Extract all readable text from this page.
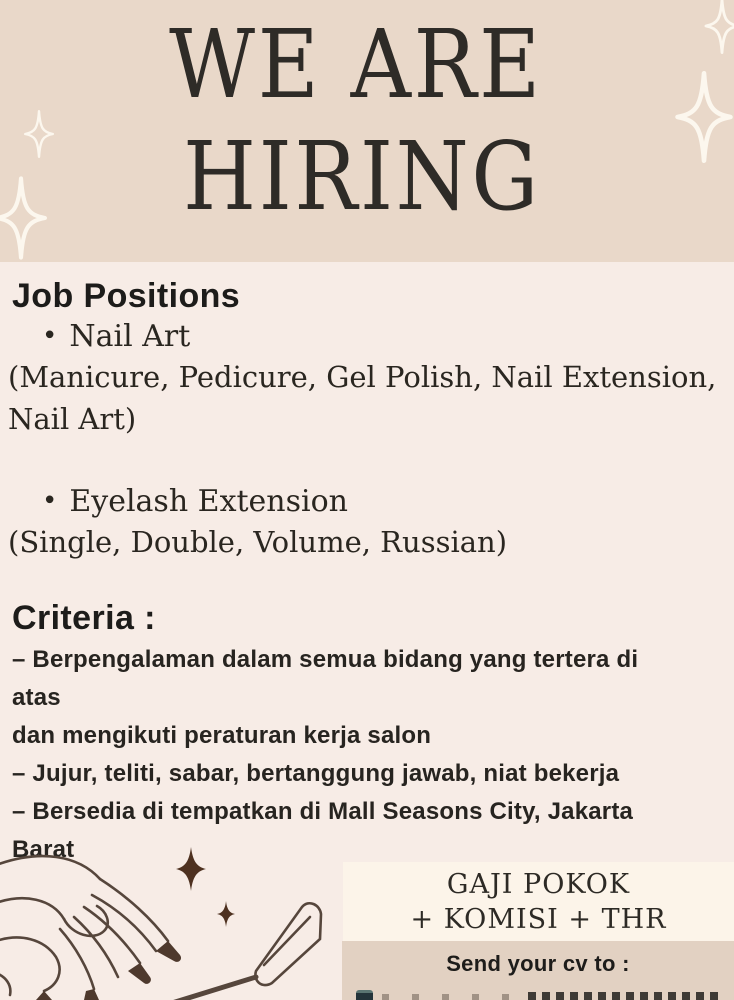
WE ARE
HIRING
Job Positions
• Nail Art
(Manicure, Pedicure, Gel Polish, Nail Extension,
Nail Art)
• Eyelash Extension
(Single, Double, Volume, Russian)
Criteria :
– Berpengalaman dalam semua bidang yang tertera di
atas
dan mengikuti peraturan kerja salon
– Jujur, teliti, sabar, bertanggung jawab, niat bekerja
– Bersedia di tempatkan di Mall Seasons City, Jakarta
Barat
GAJI POKOK
+ KOMISI + THR
Send your cv to :
